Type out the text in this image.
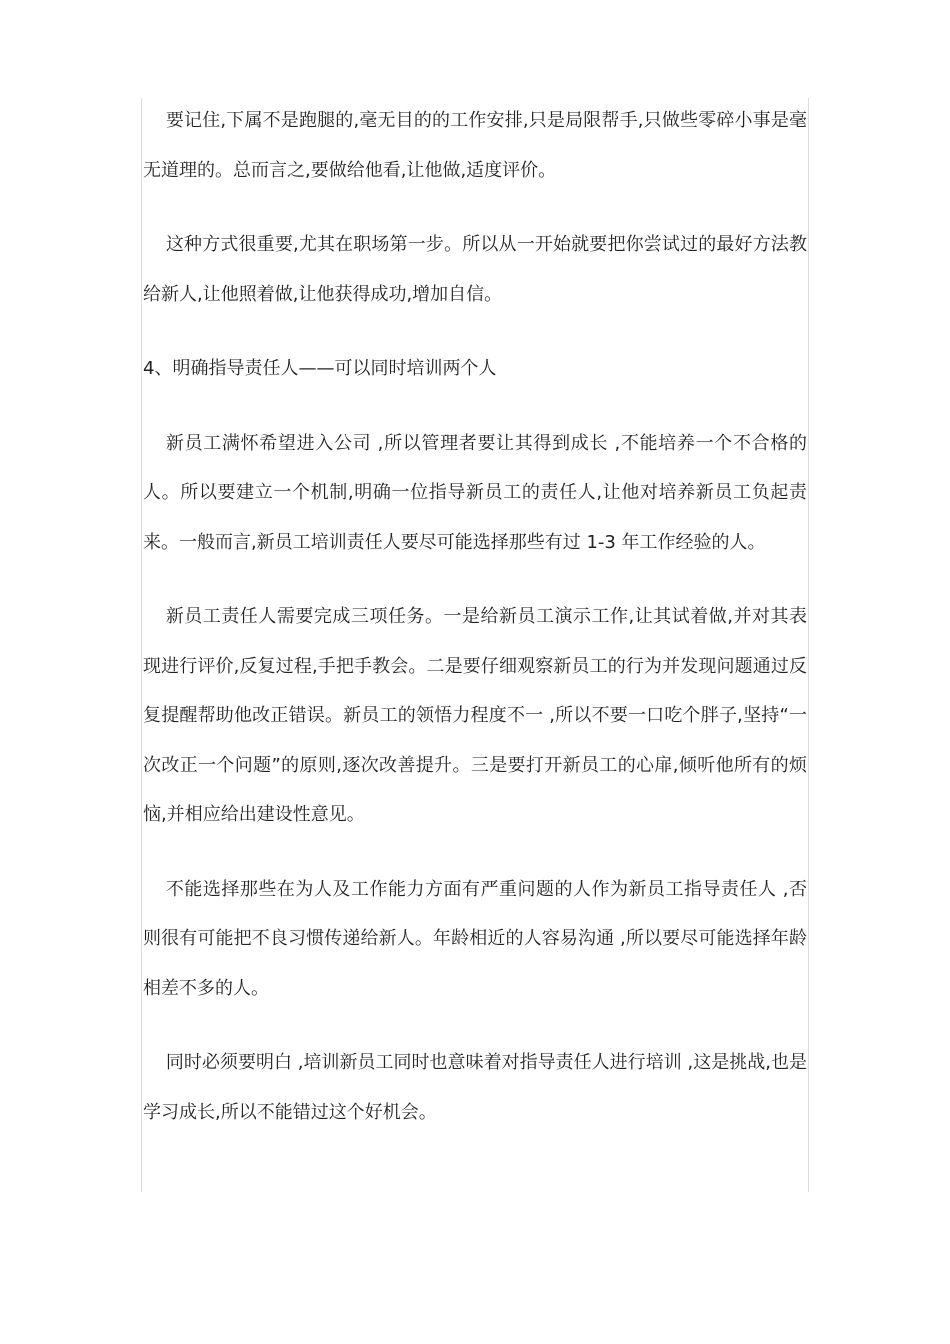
要记住,下属不是跑腿的,毫无目的的工作安排,只是局限帮手,只做些零碎小事是毫无道理的。总而言之,要做给他看,让他做,适度评价。

这种方式很重要,尤其在职场第一步。所以从一开始就要把你尝试过的最好方法教给新人,让他照着做,让他获得成功,增加自信。

4、明确指导责任人——可以同时培训两个人

新员工满怀希望进入公司 ,所以管理者要让其得到成长 ,不能培养一个不合格的人。所以要建立一个机制,明确一位指导新员工的责任人,让他对培养新员工负起责来。一般而言,新员工培训责任人要尽可能选择那些有过 1-3 年工作经验的人。

新员工责任人需要完成三项任务。一是给新员工演示工作,让其试着做,并对其表现进行评价,反复过程,手把手教会。二是要仔细观察新员工的行为并发现问题通过反复提醒帮助他改正错误。新员工的领悟力程度不一 ,所以不要一口吃个胖子,坚持“一次改正一个问题”的原则,逐次改善提升。三是要打开新员工的心扉,倾听他所有的烦恼,并相应给出建设性意见。

不能选择那些在为人及工作能力方面有严重问题的人作为新员工指导责任人 ,否则很有可能把不良习惯传递给新人。年龄相近的人容易沟通 ,所以要尽可能选择年龄相差不多的人。

同时必须要明白 ,培训新员工同时也意味着对指导责任人进行培训 ,这是挑战,也是学习成长,所以不能错过这个好机会。
